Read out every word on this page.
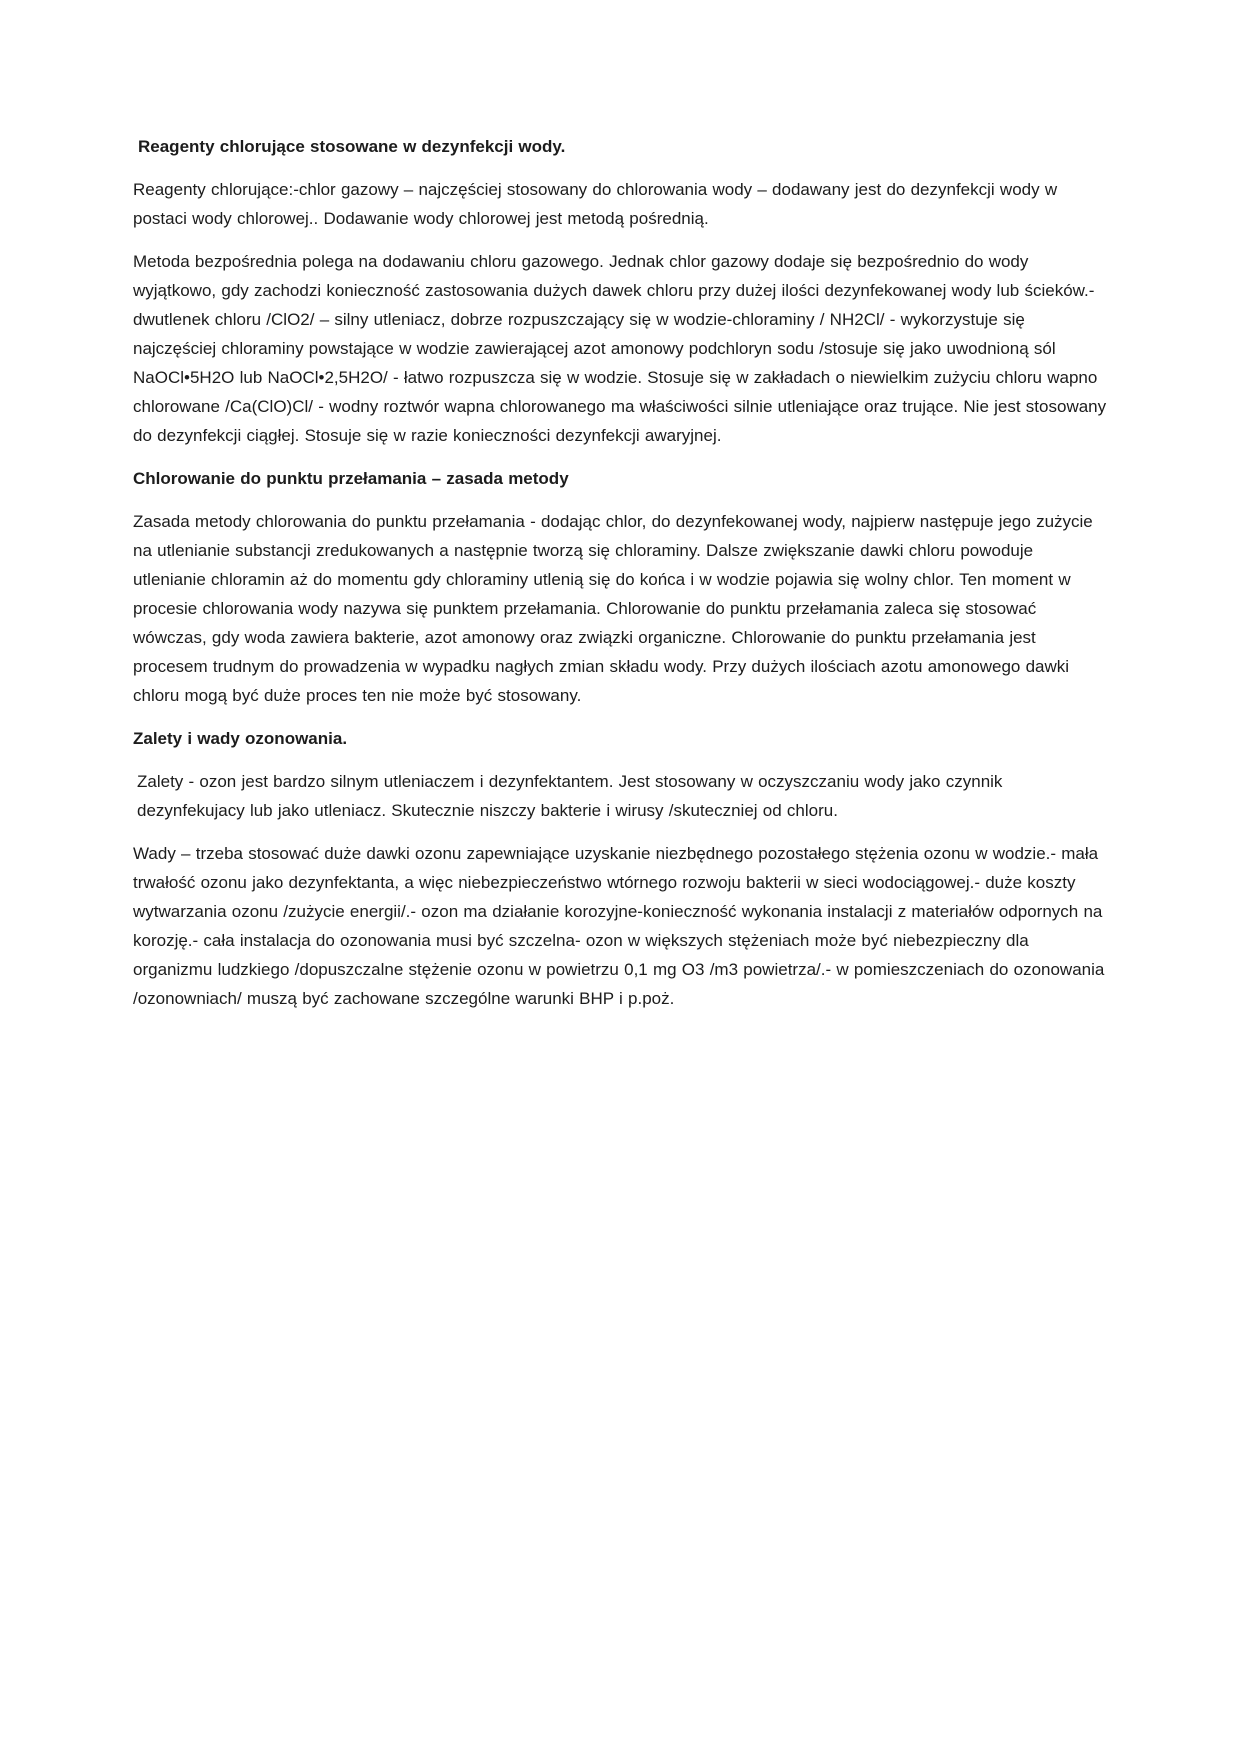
Reagenty chlorujące stosowane w dezynfekcji wody.

Reagenty chlorujące:-chlor gazowy – najczęściej stosowany do chlorowania wody – dodawany jest do dezynfekcji wody w postaci wody chlorowej.. Dodawanie wody chlorowej jest metodą pośrednią.

Metoda bezpośrednia polega na dodawaniu chloru gazowego. Jednak chlor gazowy dodaje się bezpośrednio do wody wyjątkowo, gdy zachodzi konieczność zastosowania dużych dawek chloru przy dużej ilości dezynfekowanej wody lub ścieków.-dwutlenek chloru /ClO2/ – silny utleniacz, dobrze rozpuszczający się w wodzie-chloraminy / NH2Cl/ - wykorzystuje się najczęściej chloraminy powstające w wodzie zawierającej azot amonowy podchloryn sodu /stosuje się jako uwodnioną sól NaOCl•5H2O lub NaOCl•2,5H2O/ - łatwo rozpuszcza się w wodzie. Stosuje się w zakładach o niewielkim zużyciu chloru wapno chlorowane /Ca(ClO)Cl/ - wodny roztwór wapna chlorowanego ma właściwości silnie utleniające oraz trujące. Nie jest stosowany do dezynfekcji ciągłej. Stosuje się w razie konieczności dezynfekcji awaryjnej.

Chlorowanie do punktu przełamania – zasada metody

Zasada metody chlorowania do punktu przełamania - dodając chlor, do dezynfekowanej wody, najpierw następuje jego zużycie na utlenianie substancji zredukowanych a następnie tworzą się chloraminy. Dalsze zwiększanie dawki chloru powoduje utlenianie chloramin aż do momentu gdy chloraminy utlenią się do końca i w wodzie pojawia się wolny chlor. Ten moment w procesie chlorowania wody nazywa się punktem przełamania. Chlorowanie do punktu przełamania zaleca się stosować wówczas, gdy woda zawiera bakterie, azot amonowy oraz związki organiczne. Chlorowanie do punktu przełamania jest procesem trudnym do prowadzenia w wypadku nagłych zmian składu wody. Przy dużych ilościach azotu amonowego dawki chloru mogą być duże proces ten nie może być stosowany.

Zalety i wady ozonowania.

Zalety - ozon jest bardzo silnym utleniaczem i dezynfektantem. Jest stosowany w oczyszczaniu wody jako czynnik dezynfekujacy lub jako utleniacz. Skutecznie niszczy bakterie i wirusy /skuteczniej od chloru.

Wady – trzeba stosować duże dawki ozonu zapewniające uzyskanie niezbędnego pozostałego stężenia ozonu w wodzie.- mała trwałość ozonu jako dezynfektanta, a więc niebezpieczeństwo wtórnego rozwoju bakterii w sieci wodociągowej.- duże koszty wytwarzania ozonu /zużycie energii/.- ozon ma działanie korozyjne-konieczność wykonania instalacji z materiałów odpornych na korozję.- cała instalacja do ozonowania musi być szczelna- ozon w większych stężeniach może być niebezpieczny dla organizmu ludzkiego /dopuszczalne stężenie ozonu w powietrzu 0,1 mg O3 /m3 powietrza/.- w pomieszczeniach do ozonowania /ozonowniach/ muszą być zachowane szczególne warunki BHP i p.poż.
